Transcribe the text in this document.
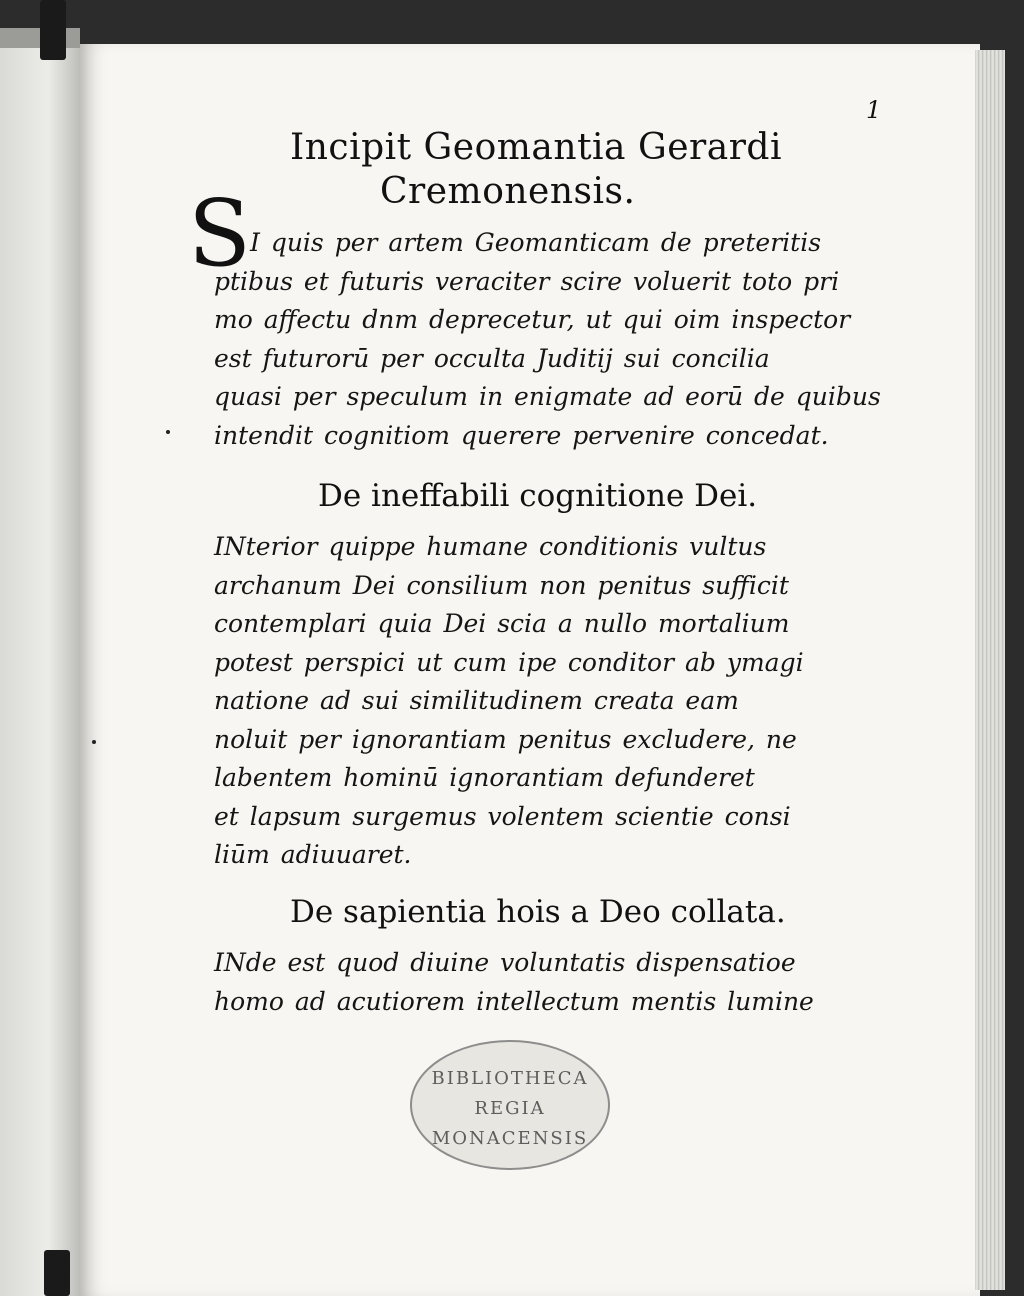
1
Incipit Geomantia Gerardi
Cremonensis.
S
I quis per artem Geomanticam de preteritis
ptibus et futuris veraciter scire voluerit toto pri
mo affectu dnm deprecetur, ut qui oim inspector
est futurorū per occulta Juditij sui concilia
quasi per speculum in enigmate ad eorū de quibus
intendit cognitiom querere pervenire concedat.
De ineffabili cognitione Dei.
INterior quippe humane conditionis vultus
archanum Dei consilium non penitus sufficit
contemplari quia Dei scia a nullo mortalium
potest perspici ut cum ipe conditor ab ymagi
natione ad sui similitudinem creata eam
noluit per ignorantiam penitus excludere, ne
labentem hominū ignorantiam defunderet
et lapsum surgemus volentem scientie consi
liūm adiuuaret.
De sapientia hois a Deo collata.
INde est quod diuine voluntatis dispensatioe
homo ad acutiorem intellectum mentis lumine
BIBLIOTHECA
REGIA
MONACENSIS
